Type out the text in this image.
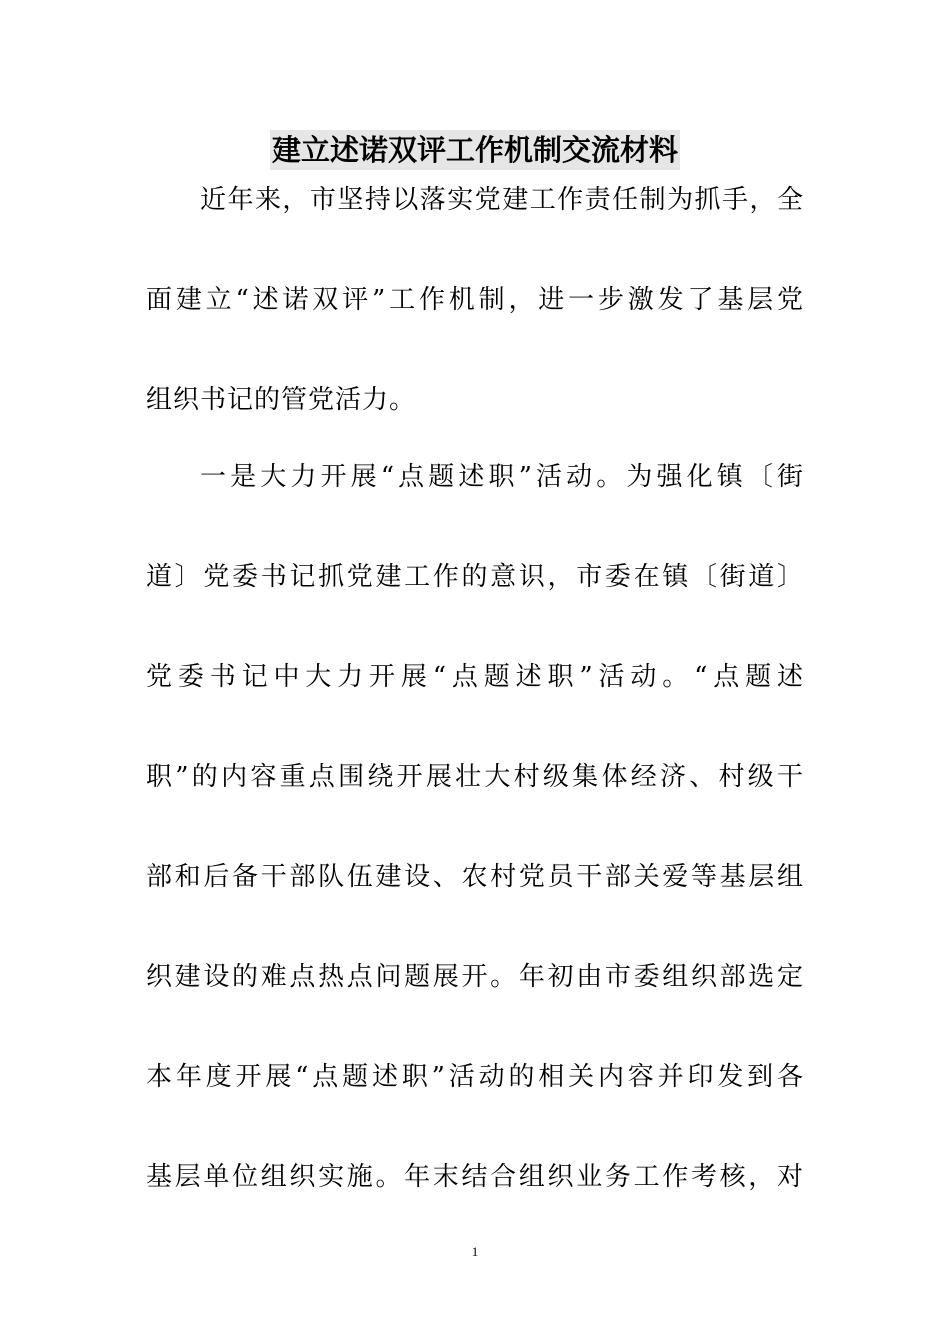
建立述诺双评工作机制交流材料
近年来，市坚持以落实党建工作责任制为抓手，全
面建立“述诺双评”工作机制，进一步激发了基层党
组织书记的管党活力。
一是大力开展“点题述职”活动。为强化镇〔街
道〕党委书记抓党建工作的意识，市委在镇〔街道〕
党委书记中大力开展“点题述职”活动。“点题述
职”的内容重点围绕开展壮大村级集体经济、村级干
部和后备干部队伍建设、农村党员干部关爱等基层组
织建设的难点热点问题展开。年初由市委组织部选定
本年度开展“点题述职”活动的相关内容并印发到各
基层单位组织实施。年末结合组织业务工作考核，对
1
